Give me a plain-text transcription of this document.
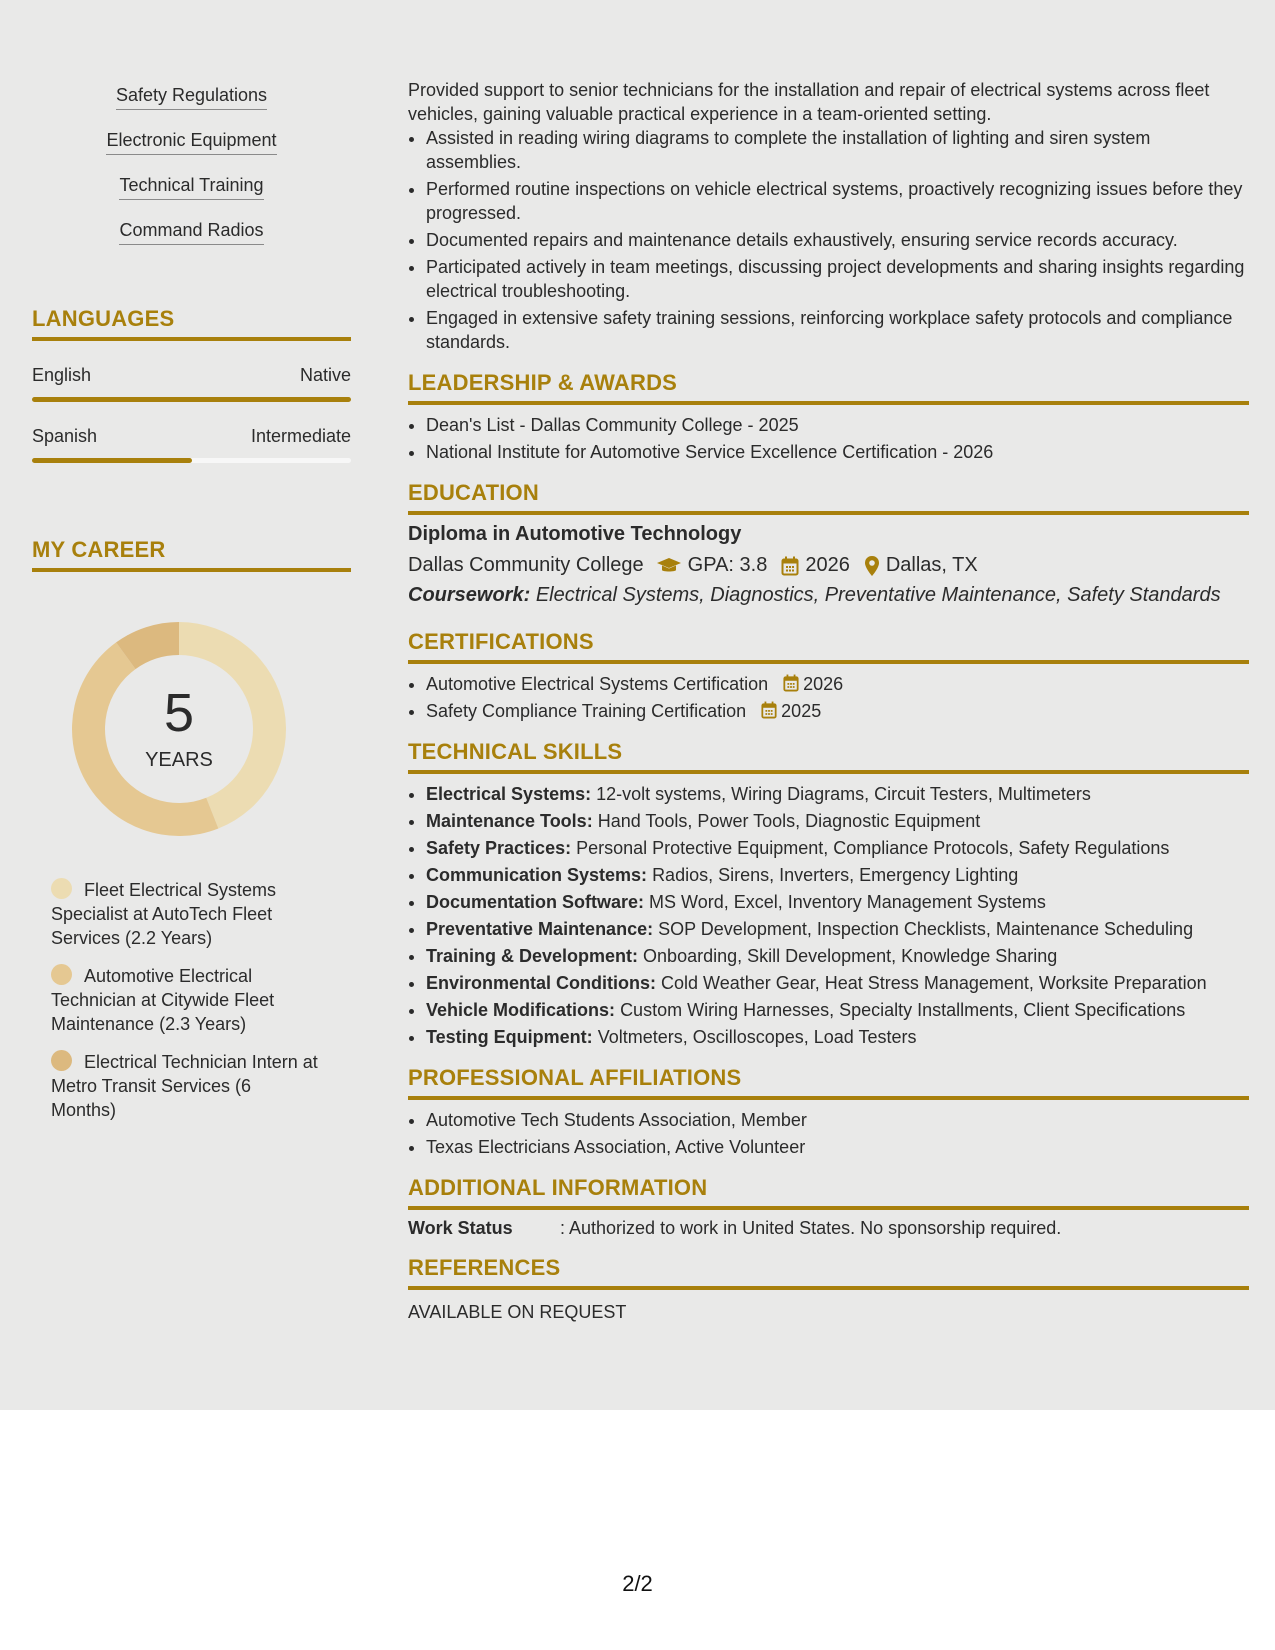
Safety Regulations
Electronic Equipment
Technical Training
Command Radios
LANGUAGES
English	Native
Spanish	Intermediate
MY CAREER
5
YEARS
Fleet Electrical Systems Specialist at AutoTech Fleet Services (2.2 Years)
Automotive Electrical Technician at Citywide Fleet Maintenance (2.3 Years)
Electrical Technician Intern at Metro Transit Services (6 Months)

Provided support to senior technicians for the installation and repair of electrical systems across fleet vehicles, gaining valuable practical experience in a team-oriented setting.

• Assisted in reading wiring diagrams to complete the installation of lighting and siren system assemblies.
• Performed routine inspections on vehicle electrical systems, proactively recognizing issues before they progressed.
• Documented repairs and maintenance details exhaustively, ensuring service records accuracy.
• Participated actively in team meetings, discussing project developments and sharing insights regarding electrical troubleshooting.
• Engaged in extensive safety training sessions, reinforcing workplace safety protocols and compliance standards.
LEADERSHIP & AWARDS
• Dean's List - Dallas Community College - 2025
• National Institute for Automotive Service Excellence Certification - 2026
EDUCATION
Diploma in Automotive Technology
Dallas Community College GPA: 3.8 2026 Dallas, TX
Coursework: Electrical Systems, Diagnostics, Preventative Maintenance, Safety Standards
CERTIFICATIONS
• Automotive Electrical Systems Certification 2026
• Safety Compliance Training Certification 2025
TECHNICAL SKILLS
• Electrical Systems: 12-volt systems, Wiring Diagrams, Circuit Testers, Multimeters
• Maintenance Tools: Hand Tools, Power Tools, Diagnostic Equipment
• Safety Practices: Personal Protective Equipment, Compliance Protocols, Safety Regulations
• Communication Systems: Radios, Sirens, Inverters, Emergency Lighting
• Documentation Software: MS Word, Excel, Inventory Management Systems
• Preventative Maintenance: SOP Development, Inspection Checklists, Maintenance Scheduling
• Training & Development: Onboarding, Skill Development, Knowledge Sharing
• Environmental Conditions: Cold Weather Gear, Heat Stress Management, Worksite Preparation
• Vehicle Modifications: Custom Wiring Harnesses, Specialty Installments, Client Specifications
• Testing Equipment: Voltmeters, Oscilloscopes, Load Testers
PROFESSIONAL AFFILIATIONS
• Automotive Tech Students Association, Member
• Texas Electricians Association, Active Volunteer
ADDITIONAL INFORMATION
Work Status	: Authorized to work in United States. No sponsorship required.
REFERENCES
AVAILABLE ON REQUEST
2/2
